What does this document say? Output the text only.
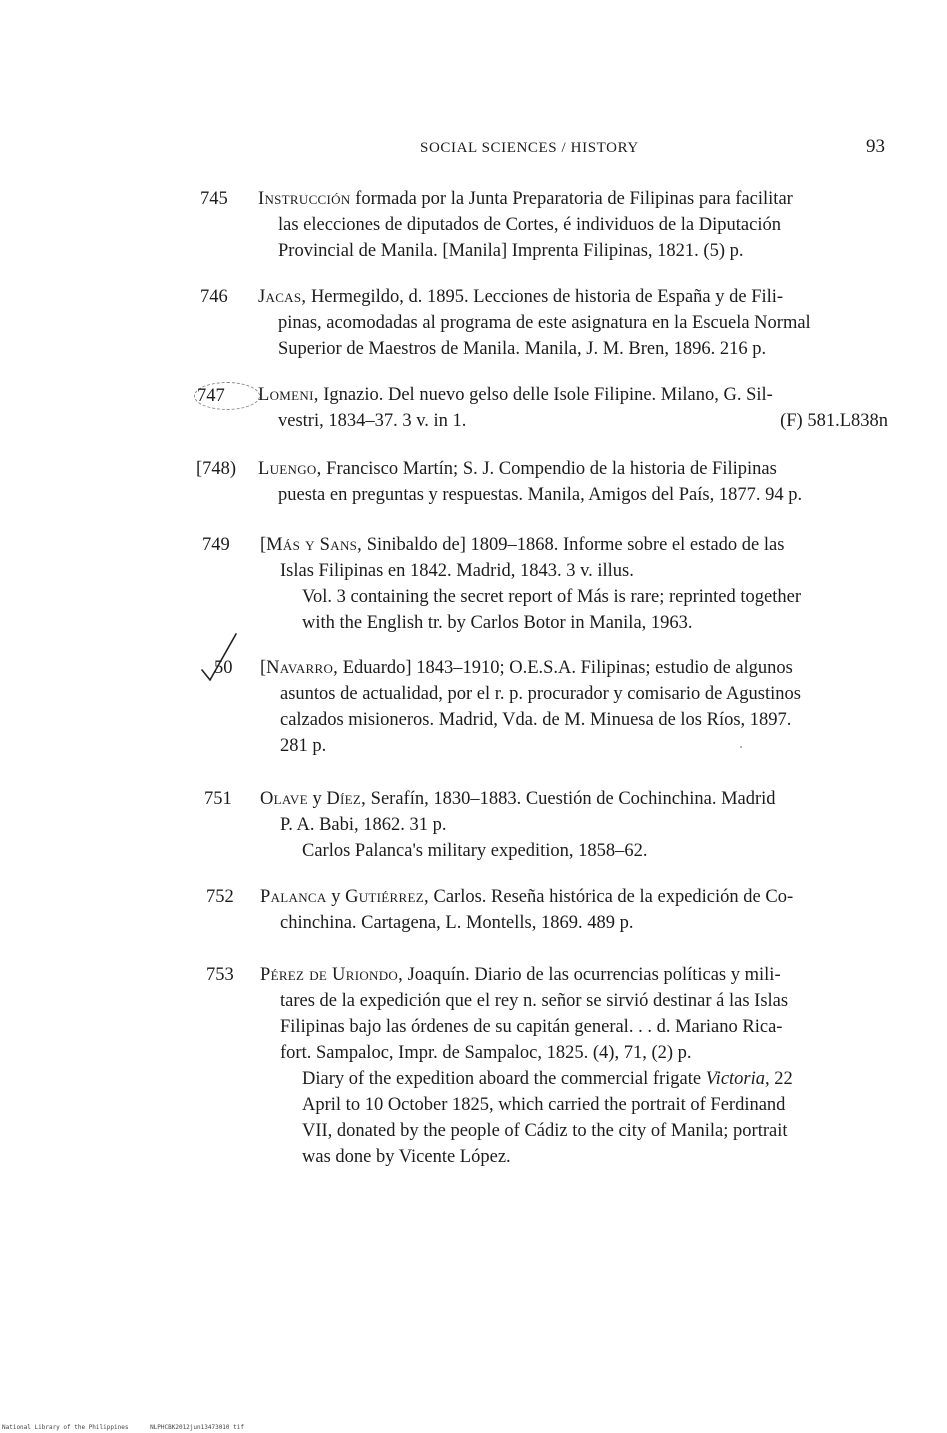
SOCIAL SCIENCES / HISTORY	93
745	Instrucción formada por la Junta Preparatoria de Filipinas para facilitar
las elecciones de diputados de Cortes, é individuos de la Diputación
Provincial de Manila. [Manila] Imprenta Filipinas, 1821. (5) p.
746	Jacas, Hermegildo, d. 1895. Lecciones de historia de España y de Fili-
pinas, acomodadas al programa de este asignatura en la Escuela Normal
Superior de Maestros de Manila. Manila, J. M. Bren, 1896. 216 p.
747	Lomeni, Ignazio. Del nuevo gelso delle Isole Filipine. Milano, G. Sil-
vestri, 1834–37. 3 v. in 1.	(F) 581.L838n
[748)	Luengo, Francisco Martín; S. J. Compendio de la historia de Filipinas
puesta en preguntas y respuestas. Manila, Amigos del País, 1877. 94 p.
749	[Más y Sans, Sinibaldo de] 1809–1868. Informe sobre el estado de las
Islas Filipinas en 1842. Madrid, 1843. 3 v. illus.
Vol. 3 containing the secret report of Más is rare; reprinted together
with the English tr. by Carlos Botor in Manila, 1963.
50	[Navarro, Eduardo] 1843–1910; O.E.S.A. Filipinas; estudio de algunos
asuntos de actualidad, por el r. p. procurador y comisario de Agustinos
calzados misioneros. Madrid, Vda. de M. Minuesa de los Ríos, 1897.
281 p.
751	Olave y Díez, Serafín, 1830–1883. Cuestión de Cochinchina. Madrid
P. A. Babi, 1862. 31 p.
Carlos Palanca's military expedition, 1858–62.
752	Palanca y Gutiérrez, Carlos. Reseña histórica de la expedición de Co-
chinchina. Cartagena, L. Montells, 1869. 489 p.
753	Pérez de Uriondo, Joaquín. Diario de las ocurrencias políticas y mili-
tares de la expedición que el rey n. señor se sirvió destinar á las Islas
Filipinas bajo las órdenes de su capitán general. . . d. Mariano Rica-
fort. Sampaloc, Impr. de Sampaloc, 1825. (4), 71, (2) p.
Diary of the expedition aboard the commercial frigate Victoria, 22
April to 10 October 1825, which carried the portrait of Ferdinand
VII, donated by the people of Cádiz to the city of Manila; portrait
was done by Vicente López.
National Library of the Philippines	NLPHCBK2012jun13473010 tif
